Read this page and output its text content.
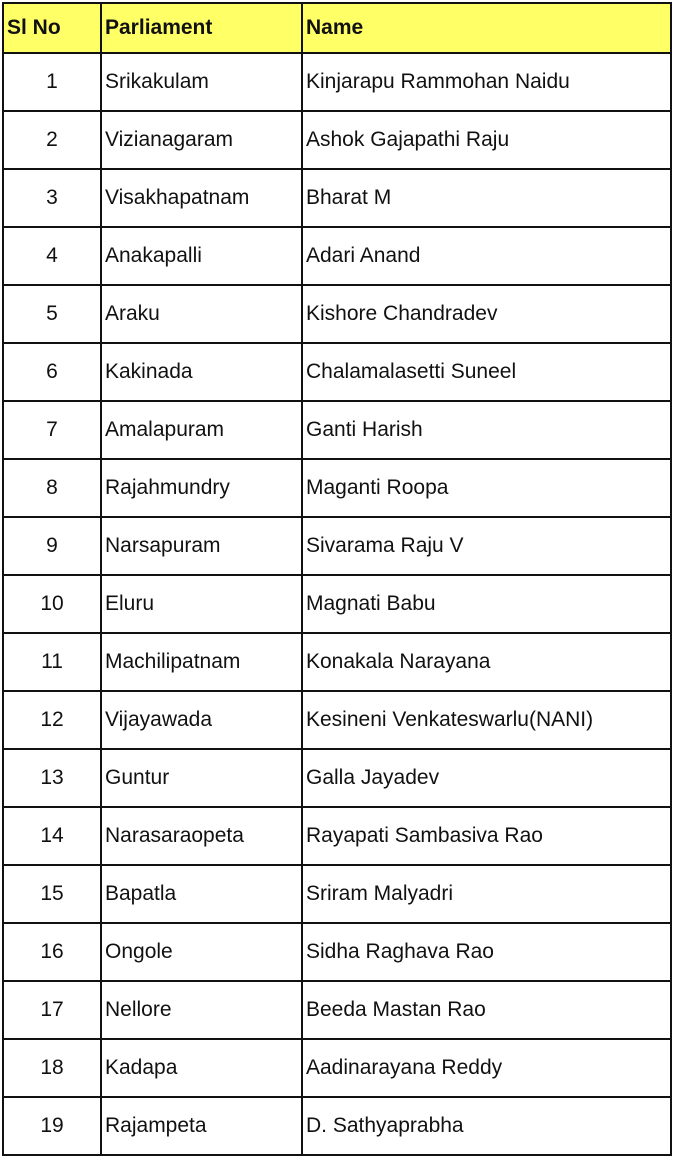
Sl No	Parliament	Name
1	Srikakulam	Kinjarapu Rammohan Naidu
2	Vizianagaram	Ashok Gajapathi Raju
3	Visakhapatnam	Bharat M
4	Anakapalli	Adari Anand
5	Araku	Kishore Chandradev
6	Kakinada	Chalamalasetti Suneel
7	Amalapuram	Ganti Harish
8	Rajahmundry	Maganti Roopa
9	Narsapuram	Sivarama Raju V
10	Eluru	Magnati Babu
11	Machilipatnam	Konakala Narayana
12	Vijayawada	Kesineni Venkateswarlu(NANI)
13	Guntur	Galla Jayadev
14	Narasaraopeta	Rayapati Sambasiva Rao
15	Bapatla	Sriram Malyadri
16	Ongole	Sidha Raghava Rao
17	Nellore	Beeda Mastan Rao
18	Kadapa	Aadinarayana Reddy
19	Rajampeta	D. Sathyaprabha
